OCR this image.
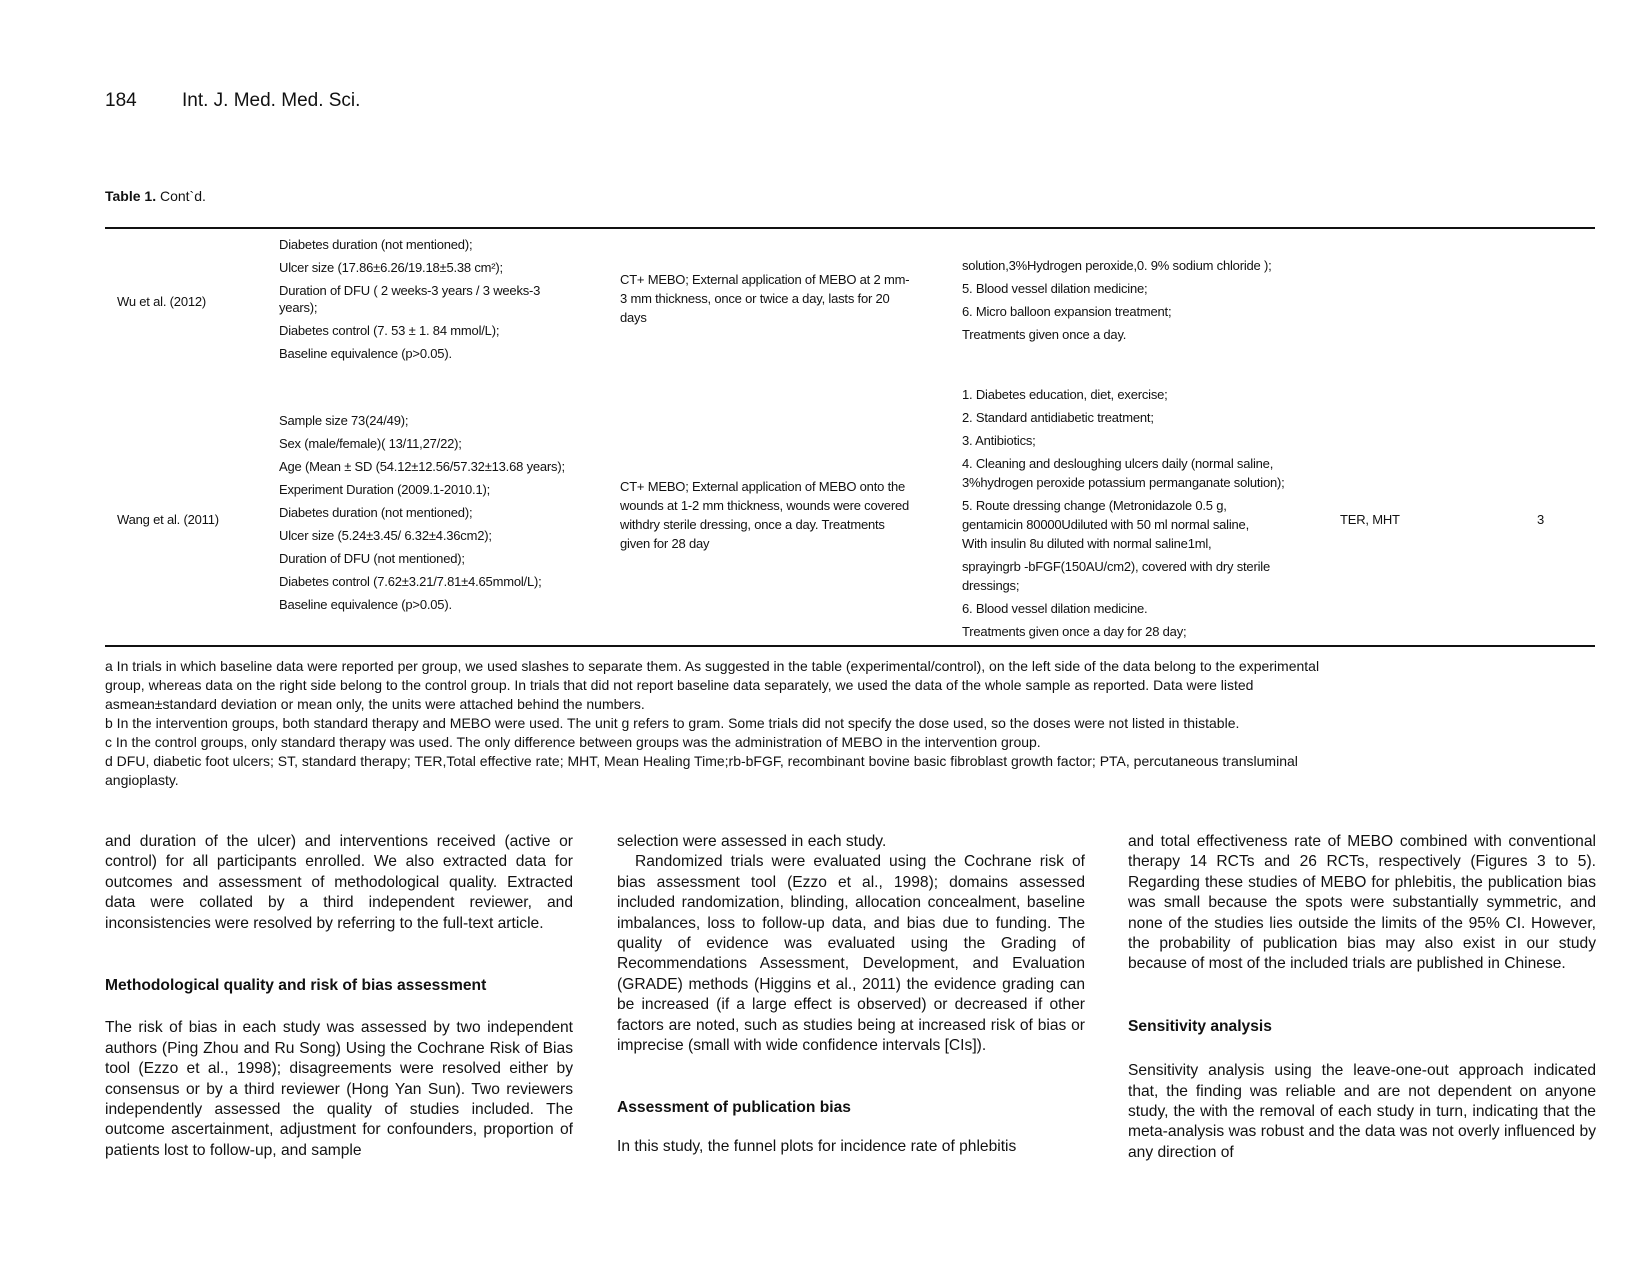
184 Int. J. Med. Med. Sci.
Table 1. Cont`d.
Wu et al. (2012)
Diabetes duration (not mentioned);
Ulcer size (17.86±6.26/19.18±5.38 cm²);
Duration of DFU ( 2 weeks-3 years / 3 weeks-3
years);
Diabetes control (7. 53 ± 1. 84 mmol/L);
Baseline equivalence (p>0.05).
CT+ MEBO; External application of MEBO at 2 mm-
3 mm thickness, once or twice a day, lasts for 20
days
solution,3%Hydrogen peroxide,0. 9% sodium chloride );
5. Blood vessel dilation medicine;
6. Micro balloon expansion treatment;
Treatments given once a day.
Wang et al. (2011)
Sample size 73(24/49);
Sex (male/female)( 13/11,27/22);
Age (Mean ± SD (54.12±12.56/57.32±13.68 years);
Experiment Duration (2009.1-2010.1);
Diabetes duration (not mentioned);
Ulcer size (5.24±3.45/ 6.32±4.36cm2);
Duration of DFU (not mentioned);
Diabetes control (7.62±3.21/7.81±4.65mmol/L);
Baseline equivalence (p>0.05).
CT+ MEBO; External application of MEBO onto the
wounds at 1-2 mm thickness, wounds were covered
withdry sterile dressing, once a day. Treatments
given for 28 day
1. Diabetes education, diet, exercise;
2. Standard antidiabetic treatment;
3. Antibiotics;
4. Cleaning and desloughing ulcers daily (normal saline,
3%hydrogen peroxide potassium permanganate solution);
5. Route dressing change (Metronidazole 0.5 g,
gentamicin 80000Udiluted with 50 ml normal saline,
With insulin 8u diluted with normal saline1ml,
sprayingrb -bFGF(150AU/cm2), covered with dry sterile
dressings;
6. Blood vessel dilation medicine.
Treatments given once a day for 28 day;
TER, MHT	3
a In trials in which baseline data were reported per group, we used slashes to separate them. As suggested in the table (experimental/control), on the left side of the data belong to the experimental
group, whereas data on the right side belong to the control group. In trials that did not report baseline data separately, we used the data of the whole sample as reported. Data were listed
asmean±standard deviation or mean only, the units were attached behind the numbers.
b In the intervention groups, both standard therapy and MEBO were used. The unit g refers to gram. Some trials did not specify the dose used, so the doses were not listed in thistable.
c In the control groups, only standard therapy was used. The only difference between groups was the administration of MEBO in the intervention group.
d DFU, diabetic foot ulcers; ST, standard therapy; TER,Total effective rate; MHT, Mean Healing Time;rb-bFGF, recombinant bovine basic fibroblast growth factor; PTA, percutaneous transluminal
angioplasty.

and duration of the ulcer) and interventions received (active or control) for all participants enrolled. We also extracted data for outcomes and assessment of methodological quality. Extracted data were collated by a third independent reviewer, and inconsistencies were resolved by referring to the full-text article.

Methodological quality and risk of bias assessment

The risk of bias in each study was assessed by two independent authors (Ping Zhou and Ru Song) Using the Cochrane Risk of Bias tool (Ezzo et al., 1998); disagreements were resolved either by consensus or by a third reviewer (Hong Yan Sun). Two reviewers independently assessed the quality of studies included. The outcome ascertainment, adjustment for confounders, proportion of patients lost to follow-up, and sample

selection were assessed in each study.

Randomized trials were evaluated using the Cochrane risk of bias assessment tool (Ezzo et al., 1998); domains assessed included randomization, blinding, allocation concealment, baseline imbalances, loss to follow-up data, and bias due to funding. The quality of evidence was evaluated using the Grading of Recommendations Assessment, Development, and Evaluation (GRADE) methods (Higgins et al., 2011) the evidence grading can be increased (if a large effect is observed) or decreased if other factors are noted, such as studies being at increased risk of bias or imprecise (small with wide confidence intervals [CIs]).

Assessment of publication bias

In this study, the funnel plots for incidence rate of phlebitis

and total effectiveness rate of MEBO combined with conventional therapy 14 RCTs and 26 RCTs, respectively (Figures 3 to 5). Regarding these studies of MEBO for phlebitis, the publication bias was small because the spots were substantially symmetric, and none of the studies lies outside the limits of the 95% CI. However, the probability of publication bias may also exist in our study because of most of the included trials are published in Chinese.

Sensitivity analysis

Sensitivity analysis using the leave-one-out approach indicated that, the finding was reliable and are not dependent on anyone study, the with the removal of each study in turn, indicating that the meta-analysis was robust and the data was not overly influenced by any direction of
